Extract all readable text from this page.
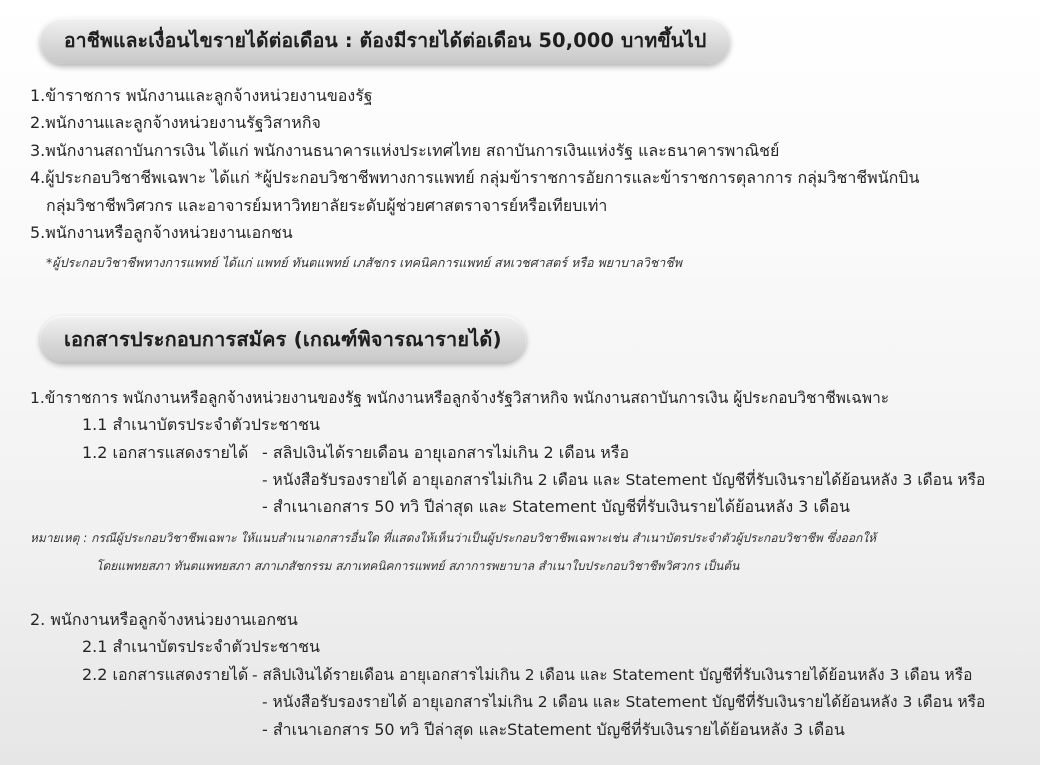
อาชีพและเงื่อนไขรายได้ต่อเดือน : ต้องมีรายได้ต่อเดือน 50,000 บาทขึ้นไป
1.ข้าราชการ พนักงานและลูกจ้างหน่วยงานของรัฐ
2.พนักงานและลูกจ้างหน่วยงานรัฐวิสาหกิจ
3.พนักงานสถาบันการเงิน ได้แก่ พนักงานธนาคารแห่งประเทศไทย สถาบันการเงินแห่งรัฐ และธนาคารพาณิชย์
4.ผู้ประกอบวิชาชีพเฉพาะ ได้แก่ *ผู้ประกอบวิชาชีพทางการแพทย์ กลุ่มข้าราชการอัยการและข้าราชการตุลาการ กลุ่มวิชาชีพนักบิน
กลุ่มวิชาชีพวิศวกร และอาจารย์มหาวิทยาลัยระดับผู้ช่วยศาสตราจารย์หรือเทียบเท่า
5.พนักงานหรือลูกจ้างหน่วยงานเอกชน
*ผู้ประกอบวิชาชีพทางการแพทย์ ได้แก่ แพทย์ ทันตแพทย์ เภสัชกร เทคนิคการแพทย์ สหเวชศาสตร์ หรือ พยาบาลวิชาชีพ
เอกสารประกอบการสมัคร (เกณฑ์พิจารณารายได้)
1.ข้าราชการ พนักงานหรือลูกจ้างหน่วยงานของรัฐ พนักงานหรือลูกจ้างรัฐวิสาหกิจ พนักงานสถาบันการเงิน ผู้ประกอบวิชาชีพเฉพาะ
1.1 สำเนาบัตรประจำตัวประชาชน
1.2 เอกสารแสดงรายได้ - สลิปเงินได้รายเดือน อายุเอกสารไม่เกิน 2 เดือน หรือ
- หนังสือรับรองรายได้ อายุเอกสารไม่เกิน 2 เดือน และ Statement บัญชีที่รับเงินรายได้ย้อนหลัง 3 เดือน หรือ
- สำเนาเอกสาร 50 ทวิ ปีล่าสุด และ Statement บัญชีที่รับเงินรายได้ย้อนหลัง 3 เดือน
หมายเหตุ : กรณีผู้ประกอบวิชาชีพเฉพาะ ให้แนบสำเนาเอกสารอื่นใด ที่แสดงให้เห็นว่าเป็นผู้ประกอบวิชาชีพเฉพาะเช่น สำเนาบัตรประจำตัวผู้ประกอบวิชาชีพ ซึ่งออกให้
โดยแพทยสภา ทันตแพทยสภา สภาเภสัชกรรม สภาเทคนิคการแพทย์ สภาการพยาบาล สำเนาใบประกอบวิชาชีพวิศวกร เป็นต้น
2. พนักงานหรือลูกจ้างหน่วยงานเอกชน
2.1 สำเนาบัตรประจำตัวประชาชน
2.2 เอกสารแสดงรายได้ - สลิปเงินได้รายเดือน อายุเอกสารไม่เกิน 2 เดือน และ Statement บัญชีที่รับเงินรายได้ย้อนหลัง 3 เดือน หรือ
- หนังสือรับรองรายได้ อายุเอกสารไม่เกิน 2 เดือน และ Statement บัญชีที่รับเงินรายได้ย้อนหลัง 3 เดือน หรือ
- สำเนาเอกสาร 50 ทวิ ปีล่าสุด และStatement บัญชีที่รับเงินรายได้ย้อนหลัง 3 เดือน
